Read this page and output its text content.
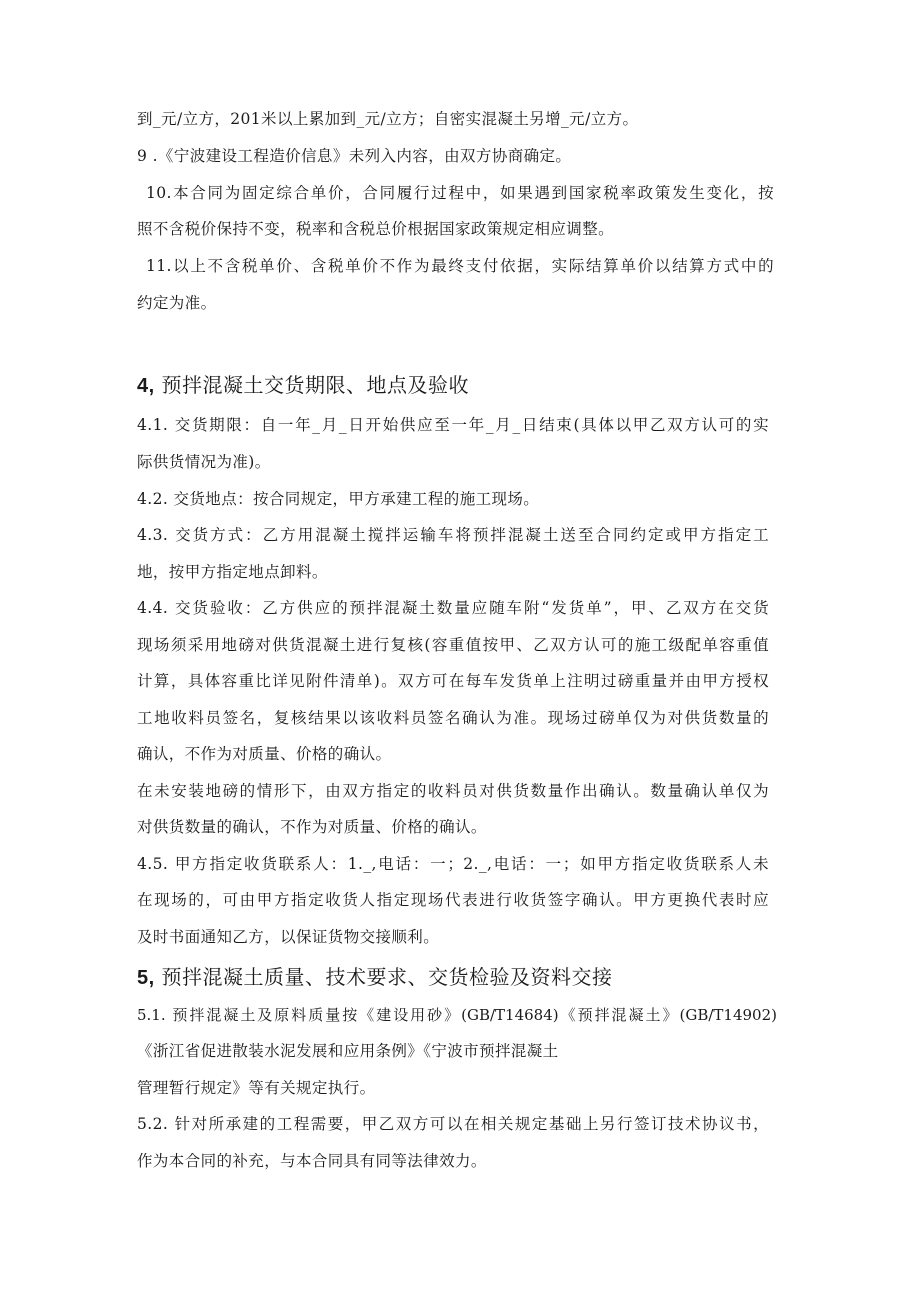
到_元/立方，201米以上累加到_元/立方；自密实混凝土另增_元/立方。
9 .《宁波建设工程造价信息》未列入内容，由双方协商确定。
10.本合同为固定综合单价，合同履行过程中，如果遇到国家税率政策发生变化，按
照不含税价保持不变，税率和含税总价根据国家政策规定相应调整。
11.以上不含税单价、含税单价不作为最终支付依据，实际结算单价以结算方式中的
约定为准。
4, 预拌混凝土交货期限、地点及验收
4.1. 交货期限：自一年_月_日开始供应至一年_月_日结束(具体以甲乙双方认可的实
际供货情况为准)。
4.2. 交货地点：按合同规定，甲方承建工程的施工现场。
4.3. 交货方式：乙方用混凝土搅拌运输车将预拌混凝土送至合同约定或甲方指定工
地，按甲方指定地点卸料。
4.4. 交货验收：乙方供应的预拌混凝土数量应随车附“发货单”，甲、乙双方在交货
现场须采用地磅对供货混凝土进行复核(容重值按甲、乙双方认可的施工级配单容重值
计算，具体容重比详见附件清单)。双方可在每车发货单上注明过磅重量并由甲方授权
工地收料员签名，复核结果以该收料员签名确认为准。现场过磅单仅为对供货数量的
确认，不作为对质量、价格的确认。
在未安装地磅的情形下，由双方指定的收料员对供货数量作出确认。数量确认单仅为
对供货数量的确认，不作为对质量、价格的确认。
4.5. 甲方指定收货联系人：1._,电话：一；2._,电话：一；如甲方指定收货联系人未
在现场的，可由甲方指定收货人指定现场代表进行收货签字确认。甲方更换代表时应
及时书面通知乙方，以保证货物交接顺利。
5, 预拌混凝土质量、技术要求、交货检验及资料交接
5.1. 预拌混凝土及原料质量按《建设用砂》(GB/T14684)《预拌混凝土》(GB/T14902)
《浙江省促进散装水泥发展和应用条例》《宁波市预拌混凝土
管理暂行规定》等有关规定执行。
5.2. 针对所承建的工程需要，甲乙双方可以在相关规定基础上另行签订技术协议书，
作为本合同的补充，与本合同具有同等法律效力。
